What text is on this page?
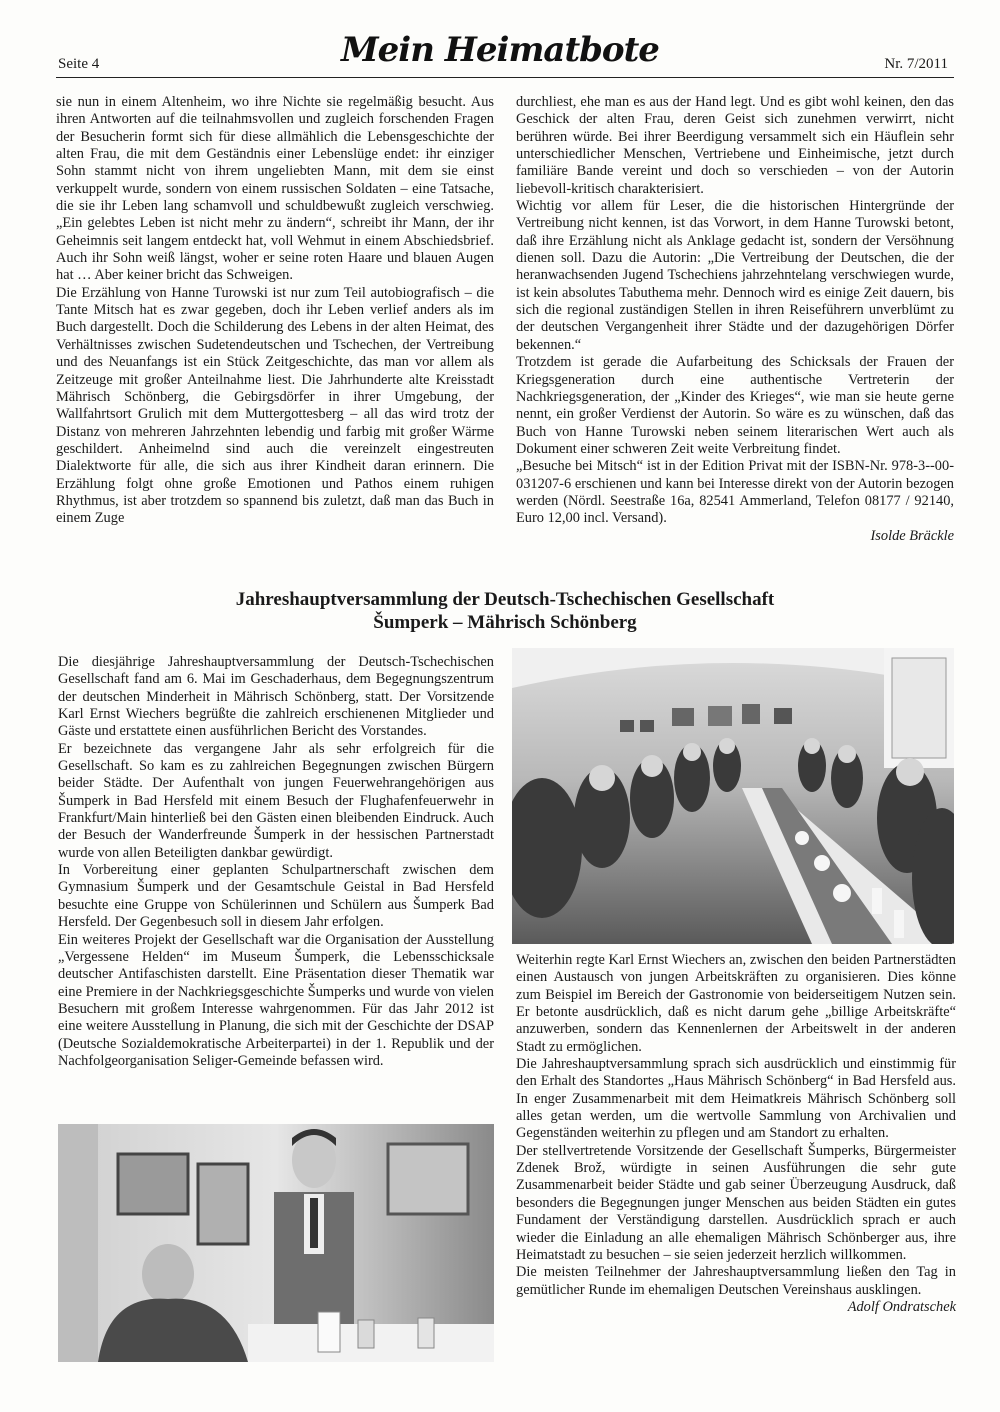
Seite 4	Mein Heimatbote	Nr. 7/2011

sie nun in einem Altenheim, wo ihre Nichte sie regelmäßig besucht. Aus ihren Antworten auf die teilnahmsvollen und zugleich forschenden Fragen der Besucherin formt sich für diese allmählich die Lebensgeschichte der alten Frau, die mit dem Geständnis einer Lebenslüge endet: ihr einziger Sohn stammt nicht von ihrem ungeliebten Mann, mit dem sie einst verkuppelt wurde, sondern von einem russischen Soldaten – eine Tatsache, die sie ihr Leben lang schamvoll und schuldbewußt zugleich verschwieg. „Ein gelebtes Leben ist nicht mehr zu ändern“, schreibt ihr Mann, der ihr Geheimnis seit langem entdeckt hat, voll Wehmut in einem Abschiedsbrief. Auch ihr Sohn weiß längst, woher er seine roten Haare und blauen Augen hat … Aber keiner bricht das Schweigen.

Die Erzählung von Hanne Turowski ist nur zum Teil autobiografisch – die Tante Mitsch hat es zwar gegeben, doch ihr Leben verlief anders als im Buch dargestellt. Doch die Schilderung des Lebens in der alten Heimat, des Verhältnisses zwischen Sudetendeutschen und Tschechen, der Vertreibung und des Neuanfangs ist ein Stück Zeitgeschichte, das man vor allem als Zeitzeuge mit großer Anteilnahme liest. Die Jahrhunderte alte Kreisstadt Mährisch Schönberg, die Gebirgsdörfer in ihrer Umgebung, der Wallfahrtsort Grulich mit dem Muttergottesberg – all das wird trotz der Distanz von mehreren Jahrzehnten lebendig und farbig mit großer Wärme geschildert. Anheimelnd sind auch die vereinzelt eingestreuten Dialektworte für alle, die sich aus ihrer Kindheit daran erinnern. Die Erzählung folgt ohne große Emotionen und Pathos einem ruhigen Rhythmus, ist aber trotzdem so spannend bis zuletzt, daß man das Buch in einem Zuge

durchliest, ehe man es aus der Hand legt. Und es gibt wohl keinen, den das Geschick der alten Frau, deren Geist sich zunehmen verwirrt, nicht berühren würde. Bei ihrer Beerdigung versammelt sich ein Häuflein sehr unterschiedlicher Menschen, Vertriebene und Einheimische, jetzt durch familiäre Bande vereint und doch so verschieden – von der Autorin liebevoll-kritisch charakterisiert.

Wichtig vor allem für Leser, die die historischen Hintergründe der Vertreibung nicht kennen, ist das Vorwort, in dem Hanne Turowski betont, daß ihre Erzählung nicht als Anklage gedacht ist, sondern der Versöhnung dienen soll. Dazu die Autorin: „Die Vertreibung der Deutschen, die der heranwachsenden Jugend Tschechiens jahrzehntelang verschwiegen wurde, ist kein absolutes Tabuthema mehr. Dennoch wird es einige Zeit dauern, bis sich die regional zuständigen Stellen in ihren Reiseführern unverblümt zu der deutschen Vergangenheit ihrer Städte und der dazugehörigen Dörfer bekennen.“

Trotzdem ist gerade die Aufarbeitung des Schicksals der Frauen der Kriegsgeneration durch eine authentische Vertreterin der Nachkriegsgeneration, der „Kinder des Krieges“, wie man sie heute gerne nennt, ein großer Verdienst der Autorin. So wäre es zu wünschen, daß das Buch von Hanne Turowski neben seinem literarischen Wert auch als Dokument einer schweren Zeit weite Verbreitung findet.

„Besuche bei Mitsch“ ist in der Edition Privat mit der ISBN-Nr. 978-3--00-031207-6 erschienen und kann bei Interesse direkt von der Autorin bezogen werden (Nördl. Seestraße 16a, 82541 Ammerland, Telefon 08177 / 92140, Euro 12,00 incl. Versand).

Isolde Bräckle

Jahreshauptversammlung der Deutsch-Tschechischen Gesellschaft
Šumperk – Mährisch Schönberg

Die diesjährige Jahreshauptversammlung der Deutsch-Tschechischen Gesellschaft fand am 6. Mai im Geschaderhaus, dem Begegnungszentrum der deutschen Minderheit in Mährisch Schönberg, statt. Der Vorsitzende Karl Ernst Wiechers begrüßte die zahlreich erschienenen Mitglieder und Gäste und erstattete einen ausführlichen Bericht des Vorstandes.

Er bezeichnete das vergangene Jahr als sehr erfolgreich für die Gesellschaft. So kam es zu zahlreichen Begegnungen zwischen Bürgern beider Städte. Der Aufenthalt von jungen Feuerwehrangehörigen aus Šumperk in Bad Hersfeld mit einem Besuch der Flughafenfeuerwehr in Frankfurt/Main hinterließ bei den Gästen einen bleibenden Eindruck. Auch der Besuch der Wanderfreunde Šumperk in der hessischen Partnerstadt wurde von allen Beteiligten dankbar gewürdigt.

In Vorbereitung einer geplanten Schulpartnerschaft zwischen dem Gymnasium Šumperk und der Gesamtschule Geistal in Bad Hersfeld besuchte eine Gruppe von Schülerinnen und Schülern aus Šumperk Bad Hersfeld. Der Gegenbesuch soll in diesem Jahr erfolgen.

Ein weiteres Projekt der Gesellschaft war die Organisation der Ausstellung „Vergessene Helden“ im Museum Šumperk, die Lebensschicksale deutscher Antifaschisten darstellt. Eine Präsentation dieser Thematik war eine Premiere in der Nachkriegsgeschichte Šumperks und wurde von vielen Besuchern mit großem Interesse wahrgenommen. Für das Jahr 2012 ist eine weitere Ausstellung in Planung, die sich mit der Geschichte der DSAP (Deutsche Sozialdemokratische Arbeiterpartei) in der 1. Republik und der Nachfolgeorganisation Seliger-Gemeinde befassen wird.

Weiterhin regte Karl Ernst Wiechers an, zwischen den beiden Partnerstädten einen Austausch von jungen Arbeitskräften zu organisieren. Dies könne zum Beispiel im Bereich der Gastronomie von beiderseitigem Nutzen sein. Er betonte ausdrücklich, daß es nicht darum gehe „billige Arbeitskräfte“ anzuwerben, sondern das Kennenlernen der Arbeitswelt in der anderen Stadt zu ermöglichen.

Die Jahreshauptversammlung sprach sich ausdrücklich und einstimmig für den Erhalt des Standortes „Haus Mährisch Schönberg“ in Bad Hersfeld aus. In enger Zusammenarbeit mit dem Heimatkreis Mährisch Schönberg soll alles getan werden, um die wertvolle Sammlung von Archivalien und Gegenständen weiterhin zu pflegen und am Standort zu erhalten.

Der stellvertretende Vorsitzende der Gesellschaft Šumperks, Bürgermeister Zdenek Brož, würdigte in seinen Ausführungen die sehr gute Zusammenarbeit beider Städte und gab seiner Überzeugung Ausdruck, daß besonders die Begegnungen junger Menschen aus beiden Städten ein gutes Fundament der Verständigung darstellen. Ausdrücklich sprach er auch wieder die Einladung an alle ehemaligen Mährisch Schönberger aus, ihre Heimatstadt zu besuchen – sie seien jederzeit herzlich willkommen.

Die meisten Teilnehmer der Jahreshauptversammlung ließen den Tag in gemütlicher Runde im ehemaligen Deutschen Vereinshaus ausklingen.

Adolf Ondratschek
